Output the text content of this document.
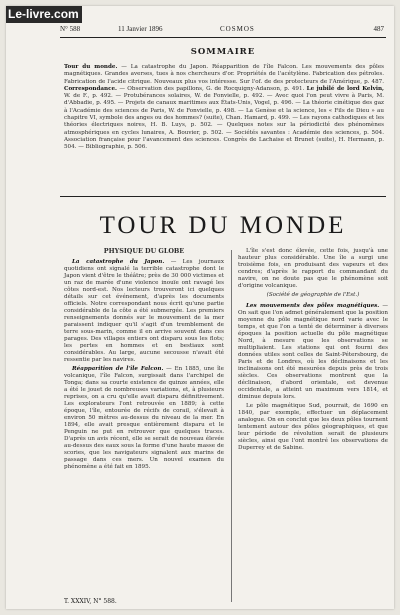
Le-livre.com
N° 588	11 Janvier 1896	COSMOS	487
SOMMAIRE
Tour du monde. — La catastrophe du Japon. Réapparition de l'île Falcon. Les mouvements des pôles magnétiques. Grandes averses, tues à nos chercheurs d'or. Propriétés de l'acétylène. Fabrication des pétroles. Fabrication de l'acide citrique. Nouveaux plus vos intéresse. Sur l'of. de des protecteurs de l'Amérique, p. 487. Correspondance. — Observation des papillons, G. de Rocquigny-Adanson, p. 491. Le jubilé de lord Kelvin, W. de F., p. 492. — Protubérances solaires, W. de Fonvielle, p. 492. — Avec quoi l'on peut vivre à Paris, M. d'Abbadie, p. 495. — Projets de canaux maritimes aux États-Unis, Vogel, p. 496. — La théorie cinétique des gaz à l'Académie des sciences de Paris, W. de Fonvielle, p. 498. — La Genèse et la science, les « Fils de Dieu » au chapitre VI, symbole des anges ou des hommes? (suite), Chan. Hamard, p. 499. — Les rayons cathodiques et les théories électriques noires, H. B. Luys, p. 502. — Quelques notes sur la périodicité des phénomènes atmosphériques en cycles lunaires, A. Bouvier, p. 502. — Sociétés savantes : Académie des sciences, p. 504. Association française pour l'avancement des sciences. Congrès de Lachaise et Brunet (suite), H. Hermann, p. 504. — Bibliographie, p. 506.
TOUR DU MONDE
PHYSIQUE DU GLOBE

La catastrophe du Japon. — Les journaux quotidiens ont signalé la terrible catastrophe dont le Japon vient d'être le théâtre; près de 30 000 victimes et un raz de marée d'une violence inouïe ont ravagé les côtes nord-est. Nos lecteurs trouveront ici quelques détails sur cet événement, d'après les documents officiels. Notre correspondant nous écrit qu'une partie considérable de la côte a été submergée. Les premiers renseignements donnés sur le mouvement de la mer paraissent indiquer qu'il s'agit d'un tremblement de terre sous-marin, comme il en arrive souvent dans ces parages. Des villages entiers ont disparu sous les flots; les pertes en hommes et en bestiaux sont considérables. Au large, aucune secousse n'avait été ressentie par les navires.

Réapparition de l'île Falcon. — En 1885, une île volcanique, l'île Falcon, surgissait dans l'archipel de Tonga; dans sa courte existence de quinze années, elle a été le jouet de nombreuses variations, et, à plusieurs reprises, on a cru qu'elle avait disparu définitivement. Les explorateurs l'ont retrouvée en 1889; à cette époque, l'île, entourée de récifs de corail, s'élevait à environ 50 mètres au-dessus du niveau de la mer. En 1894, elle avait presque entièrement disparu et le Penguin ne put en retrouver que quelques traces. D'après un avis récent, elle se serait de nouveau élevée au-dessus des eaux sous la forme d'une haute masse de scories, que les navigateurs signalent aux marins de passage dans ces mers. Un nouvel examen du phénomène a été fait en 1895.

L'île s'est donc élevée, cette fois, jusqu'à une hauteur plus considérable. Une île a surgi une troisième fois, en produisant des vapeurs et des cendres; d'après le rapport du commandant du navire, on ne doute pas que le phénomène soit d'origine volcanique.

(Société de géographie de l'Est.)

Les mouvements des pôles magnétiques. — On sait que l'on admet généralement que la position moyenne du pôle magnétique nord varie avec le temps, et que l'on a tenté de déterminer à diverses époques la position actuelle du pôle magnétique Nord, à mesure que les observations se multipliaient. Les stations qui ont fourni des données utiles sont celles de Saint-Pétersbourg, de Paris et de Londres, où les déclinaisons et les inclinaisons ont été mesurées depuis près de trois siècles. Ces observations montrent que la déclinaison, d'abord orientale, est devenue occidentale, a atteint un maximum vers 1814, et diminue depuis lors.

Le pôle magnétique Sud, pourrait, de 1690 en 1840, par exemple, effectuer un déplacement analogue. On en conclut que les deux pôles tournent lentement autour des pôles géographiques, et que leur période de révolution serait de plusieurs siècles, ainsi que l'ont montré les observations de Duperrey et de Sabine.

T. XXXIV, N° 588.
